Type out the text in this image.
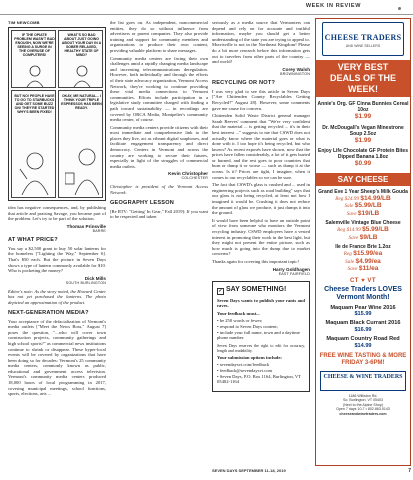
WEEK IN REVIEW
TIM NEWCOMB
IF THE OPIATE PROBLEM WASN'T BAD ENOUGH, NOW WE'RE SEEING A SURGE IN THE OVERUSE OF COMPUTERS!
WHAT'S SO BAD ABOUT JUST GOING ABOUT YOUR DAY IN A SOBER RELAXED, HEALTHY STATE OF MIND?
BUT NO! PEOPLE HAVE TO GO TO STARBUCKS AND GET SOME BUZZ ON! THEY'RE STARTED WHY'S BEEN FIXED!
OKAY, ME NATURAL... I THINK YOUR TRIPLE ESPRESSOS HAS BEEN READY.

idea has negative consequences, and, by publishing that article and praising Savage, you became part of the problem. Let's try to be part of the solution.

Thomas Prinsville
BARRE
AT WHAT PRICE?

You say a $2,500 grant to buy 50 solar lanterns for the homeless ["Lighting the Way," September 6]. That's $50 each. But the picture in Seven Days shows a type of lantern commonly available for $10. Who is pocketing the money?

Dick Mills
SOUTH BURLINGTON

Editor's note: As the story noted, the Howard Center has not yet purchased the lanterns. The photo depicted an approximation of the product.

NEXT-GENERATION MEDIA?

Your acceptance of the defacialization of Vermont's media outlets ["Meet the News Boss," August 7] poses the question, "...who will cover town construction projects, community gatherings and high school sports?" as commercial news institutions continue to shrink or disappear. These hyper-local events will be covered by organizations that have been doing so for decades: Vermont's 25 community media centers, commonly known as public, educational and government access television. Vermont's community media centers produced 18,000 hours of local programming in 2017, covering municipal meetings, school functions, sports, elections, arts ...

the list goes on. As independent, noncommercial entities, they do so without influence from advertisers or parent companies. They also provide training and support for community members and organizations to produce their own content, providing valuable platform to share messages.

Community media centers are facing their own challenges amid a rapidly changing media landscape and increasing telecommunications deregulation. However, both individually and through the efforts of their state advocacy organization, Vermont Access Network, they're working to continue providing these vital media connections to Vermont communities. Efforts include participation in a legislative study committee charged with finding a path toward sustainability — in recordings are covered by ORCA Media, Montpelier's community media center, of course.

Community media centers provide citizens with their most immediate and comprehensive link to the places they live, act as vibrant digital soapboxes, and facilitate engagement transparency and direct democracy. Centers in Vermont and across the country are working to secure their futures, especially in light of the struggles of commercial media outlets.

Kevin Christopher
COLCHESTER

Christopher is president of the Vermont Access Network.

GEOGRAPHY LESSON

[Re RTV: "Getting' In Gear," Fall 2019]: If you want to be respected and taken

seriously as a media source that Vermonters can depend and rely on for accurate and truthful information, maybe you should get a better understanding of the state you are trying to appeal to. Morrisville is not in the Northeast Kingdom! Please do a bit more research before this information gets out to travelers from other parts of the country — and world!

Corey Walsh
BROWNINGTON
RECYCLING OR NOT?

I was very glad to see this article in Seven Days ["Are Chittenden County Recyclables Getting Recycled?" August 28]. However, some comments gave me cause for concern.

Chittenden Solid Waste District general manager Sarah Reeves' comment that "We're very confident that the material ... is getting recycled ... it's in their best interest ..." suggests to me that CSWD does not actually know where the material goes or what is done with it. I too hope it's being recycled, but who knows? As recent exposés have shown, now that the prices have fallen considerably, a lot of it gets buried or burned, and the rest goes to poor countries that burn or dump it or worse — such as dump it at the ocean. Is it? Prices are tight, I imagine, when it comes to our recyclables so we can be sure.

The fact that CSWD's glass is crushed and ... used in engineering projects such as road building" says that our glass is not being recycled, at least not how I imagined it would be. Crushing it does not reduce the amount of glass we produce, it just dumps it into the ground.

It would have been helpful to have an outside point of view from someone who monitors the Vermont recycling industry. CSWD employees have a vested interest in promoting their work in the best light, but they might not present the entire picture, such as how much is going into the dump due to market concerns?

Thanks again for covering this important topic!

Harry Goldhagen
EAST FAIRFIELD
✓ SAY SOMETHING!

Seven Days wants to publish your rants and raves.

Your feedback must...

• be 250 words or fewer;
• respond to Seven Days content;
• include your full name, town and a daytime phone number.

Seven Days reserves the right to edit for accuracy, length and readability.

Your submission options include:

• sevendaysvt.com/feedback
• feedback@sevendaysvt.com
• Seven Days, P.O. Box 1164, Burlington, VT 05402-1164
SEVEN DAYS SEPTEMBER 11-18, 2019	7
CHEESE TRADERS
AND WINE SELLERS
VERY BEST
DEALS OF THE WEEK!
Annie's Org. GF Cinna Bunnies Cereal 10oz
$1.99
Dr. McDougall's Vegan Minestrone Soup 2.5oz
$1.99
Enjoy Life Chocolate GF Protein Bites Dipped Banana 1.8oz
$0.99
SAY CHEESE
Grand Eve 1 Year Sheep's Milk Gouda
Reg $24.99 $14.99/LB
Sale $5.99/LB
Save $19/LB
Salemville Vintage Blue Cheese
Reg $14.99 $5.99/LB
Save $9/LB
Ile de France Brie 1.2oz
Reg $15.99/ea
Sale $4.99/ea
Save $11/ea
CT ♥ VT
Cheese Traders LOVES Vermont Month!
Maquam Pear Wine 2016
$15.99
Maquam Black Currant 2016
$16.99
Maquam Country Road Red
$14.99
FREE WINE TASTING & MORE FRIDAY 3-6PM!
CHEESE & WINE TRADERS
1186 Williston Rd.
So. Burlington, VT 05403
(Next to the Alpine Shop)
Open 7 days 10-7 • 802.863.0143
cheeseandwinetraders.com
